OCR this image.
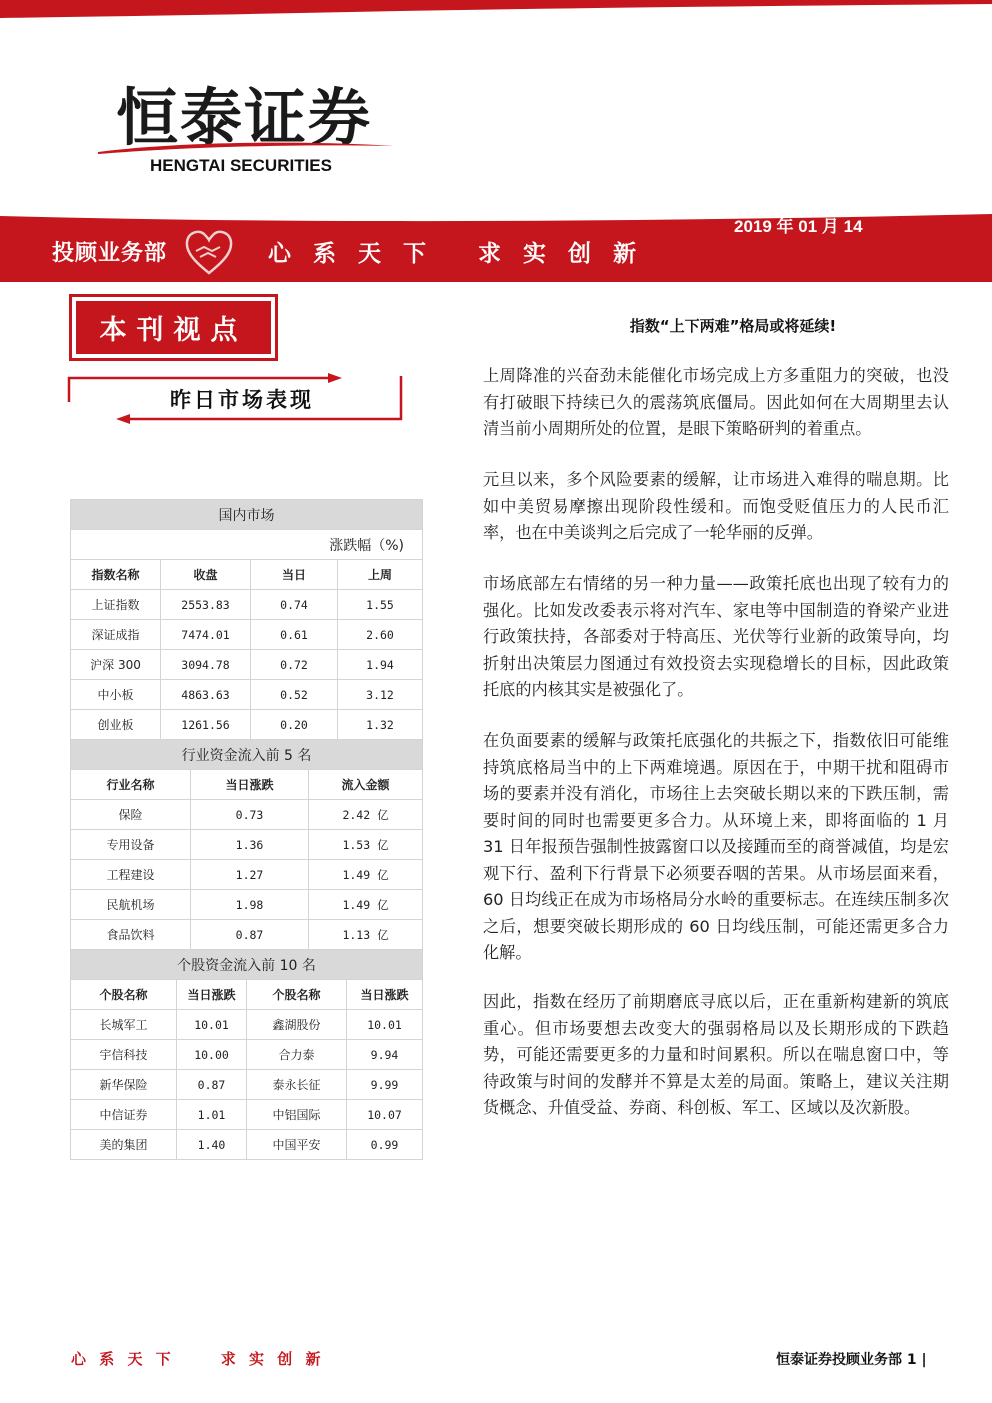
恒泰证券
HENGTAI SECURITIES
2019 年 01 月 14
投顾业务部	心 系 天 下   求 实 创 新
本刊视点
昨日市场表现
国内市场			
涨跌幅（%)			
指数名称	收盘	当日	上周
上证指数	2553.83	0.74	1.55
深证成指	7474.01	0.61	2.60
沪深 300	3094.78	0.72	1.94
中小板	4863.63	0.52	3.12
创业板	1261.56	0.20	1.32
行业资金流入前 5 名		
行业名称	当日涨跌	流入金额
保险	0.73	2.42 亿
专用设备	1.36	1.53 亿
工程建设	1.27	1.49 亿
民航机场	1.98	1.49 亿
食品饮料	0.87	1.13 亿
个股资金流入前 10 名			
个股名称	当日涨跌	个股名称	当日涨跌
长城军工	10.01	鑫湖股份	10.01
宇信科技	10.00	合力泰	9.94
新华保险	0.87	泰永长征	9.99
中信证券	1.01	中铝国际	10.07
美的集团	1.40	中国平安	0.99
指数“上下两难”格局或将延续!
上周降准的兴奋劲未能催化市场完成上方多重阻力的突破，也没有打破眼下持续已久的震荡筑底僵局。因此如何在大周期里去认清当前小周期所处的位置，是眼下策略研判的着重点。
元旦以来，多个风险要素的缓解，让市场进入难得的喘息期。比如中美贸易摩擦出现阶段性缓和。而饱受贬值压力的人民币汇率，也在中美谈判之后完成了一轮华丽的反弹。
市场底部左右情绪的另一种力量——政策托底也出现了较有力的强化。比如发改委表示将对汽车、家电等中国制造的脊梁产业进行政策扶持，各部委对于特高压、光伏等行业新的政策导向，均折射出决策层力图通过有效投资去实现稳增长的目标，因此政策托底的内核其实是被强化了。
在负面要素的缓解与政策托底强化的共振之下，指数依旧可能维持筑底格局当中的上下两难境遇。原因在于，中期干扰和阻碍市场的要素并没有消化，市场往上去突破长期以来的下跌压制，需要时间的同时也需要更多合力。从环境上来，即将面临的 1 月 31 日年报预告强制性披露窗口以及接踵而至的商誉减值，均是宏观下行、盈利下行背景下必须要吞咽的苦果。从市场层面来看，60 日均线正在成为市场格局分水岭的重要标志。在连续压制多次之后，想要突破长期形成的 60 日均线压制，可能还需更多合力化解。
因此，指数在经历了前期磨底寻底以后，正在重新构建新的筑底重心。但市场要想去改变大的强弱格局以及长期形成的下跌趋势，可能还需要更多的力量和时间累积。所以在喘息窗口中，等待政策与时间的发酵并不算是太差的局面。策略上，建议关注期货概念、升值受益、券商、科创板、军工、区域以及次新股。
心 系 天 下     求 实 创 新	恒泰证券投顾业务部 1 |
